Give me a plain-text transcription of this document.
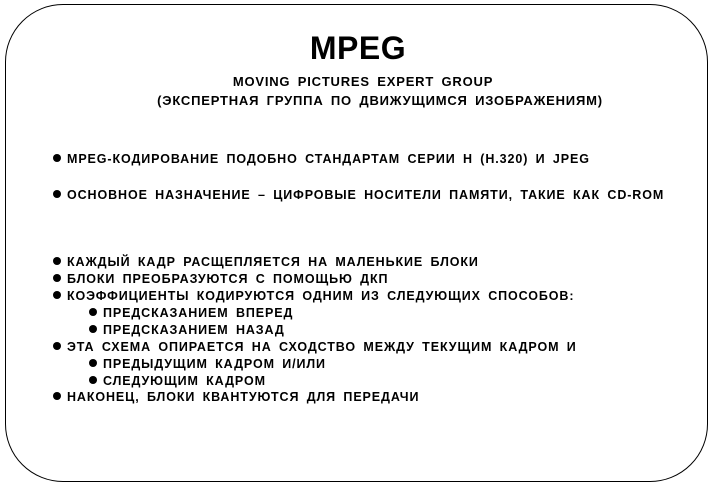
MPEG
MOVING PICTURES EXPERT GROUP
(ЭКСПЕРТНАЯ ГРУППА ПО ДВИЖУЩИМСЯ ИЗОБРАЖЕНИЯМ)
MPEG-КОДИРОВАНИЕ ПОДОБНО СТАНДАРТАМ СЕРИИ H (H.320) И JPEG
ОСНОВНОЕ НАЗНАЧЕНИЕ – ЦИФРОВЫЕ НОСИТЕЛИ ПАМЯТИ, ТАКИЕ КАК CD-ROM
КАЖДЫЙ КАДР РАСЩЕПЛЯЕТСЯ НА МАЛЕНЬКИЕ БЛОКИ
БЛОКИ ПРЕОБРАЗУЮТСЯ С ПОМОЩЬЮ ДКП
КОЭФФИЦИЕНТЫ КОДИРУЮТСЯ ОДНИМ ИЗ СЛЕДУЮЩИХ СПОСОБОВ:
ПРЕДСКАЗАНИЕМ ВПЕРЕД
ПРЕДСКАЗАНИЕМ НАЗАД
ЭТА СХЕМА ОПИРАЕТСЯ НА СХОДСТВО МЕЖДУ ТЕКУЩИМ КАДРОМ И
ПРЕДЫДУЩИМ КАДРОМ И/ИЛИ
СЛЕДУЮЩИМ КАДРОМ
НАКОНЕЦ, БЛОКИ КВАНТУЮТСЯ ДЛЯ ПЕРЕДАЧИ
